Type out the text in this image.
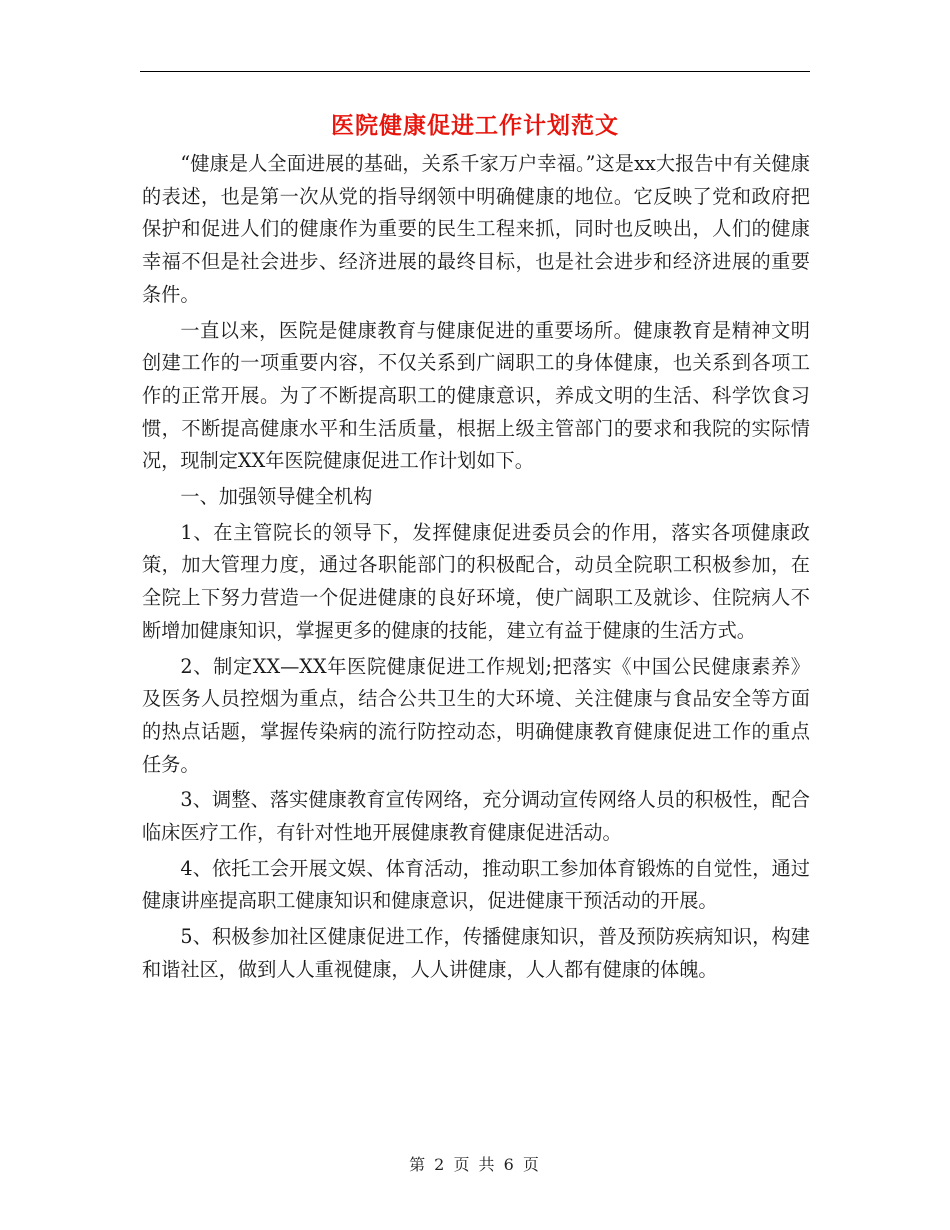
医院健康促进工作计划范文

“健康是人全面进展的基础，关系千家万户幸福。”这是xx大报告中有关健康的表述，也是第一次从党的指导纲领中明确健康的地位。它反映了党和政府把保护和促进人们的健康作为重要的民生工程来抓，同时也反映出，人们的健康幸福不但是社会进步、经济进展的最终目标，也是社会进步和经济进展的重要条件。

一直以来，医院是健康教育与健康促进的重要场所。健康教育是精神文明创建工作的一项重要内容，不仅关系到广阔职工的身体健康，也关系到各项工作的正常开展。为了不断提高职工的健康意识，养成文明的生活、科学饮食习惯，不断提高健康水平和生活质量，根据上级主管部门的要求和我院的实际情况，现制定XX年医院健康促进工作计划如下。

一、加强领导健全机构

1、在主管院长的领导下，发挥健康促进委员会的作用，落实各项健康政策，加大管理力度，通过各职能部门的积极配合，动员全院职工积极参加，在全院上下努力营造一个促进健康的良好环境，使广阔职工及就诊、住院病人不断增加健康知识，掌握更多的健康的技能，建立有益于健康的生活方式。

2、制定XX—XX年医院健康促进工作规划;把落实《中国公民健康素养》及医务人员控烟为重点，结合公共卫生的大环境、关注健康与食品安全等方面的热点话题，掌握传染病的流行防控动态，明确健康教育健康促进工作的重点任务。

3、调整、落实健康教育宣传网络，充分调动宣传网络人员的积极性，配合临床医疗工作，有针对性地开展健康教育健康促进活动。

4、依托工会开展文娱、体育活动，推动职工参加体育锻炼的自觉性，通过健康讲座提高职工健康知识和健康意识，促进健康干预活动的开展。

5、积极参加社区健康促进工作，传播健康知识，普及预防疾病知识，构建和谐社区，做到人人重视健康，人人讲健康，人人都有健康的体魄。

第 2 页 共 6 页
